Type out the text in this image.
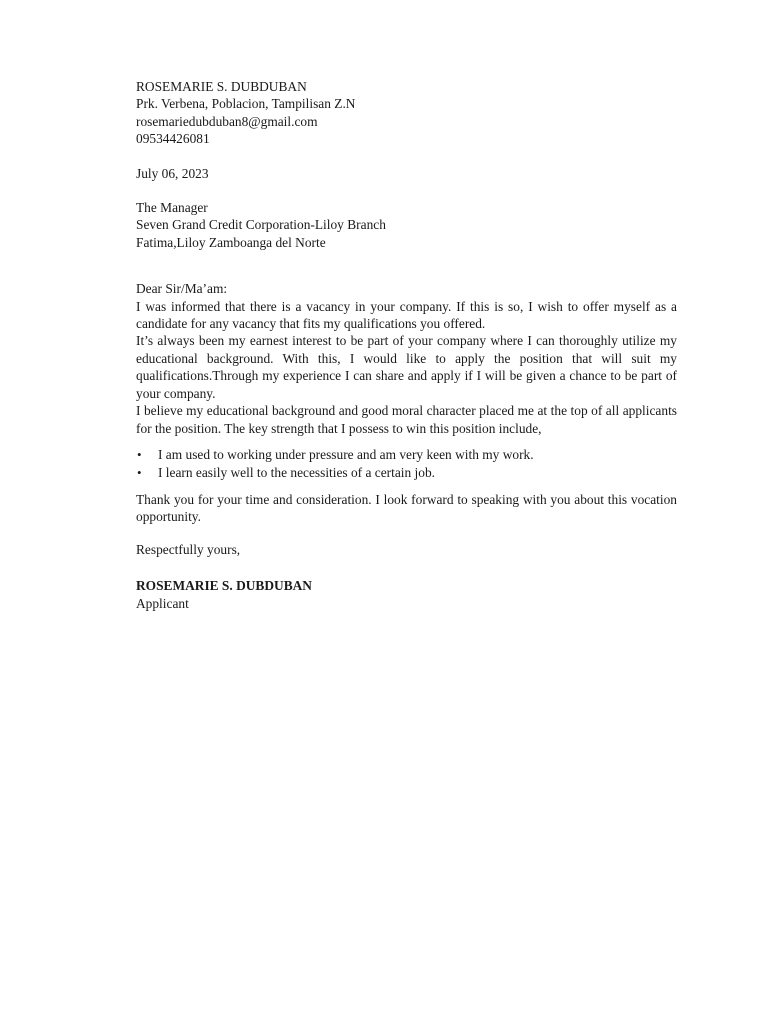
ROSEMARIE S. DUBDUBAN
Prk. Verbena, Poblacion, Tampilisan Z.N
rosemariedubduban8@gmail.com
09534426081
July 06, 2023
The Manager
Seven Grand Credit Corporation-Liloy Branch
Fatima,Liloy Zamboanga del Norte
Dear Sir/Ma’am:

I was informed that there is a vacancy in your company. If this is so, I wish to offer myself as a candidate for any vacancy that fits my qualifications you offered.

It’s always been my earnest interest to be part of your company where I can thoroughly utilize my educational background. With this, I would like to apply the position that will suit my qualifications.Through my experience I can share and apply if I will be given a chance to be part of your company.

I believe my educational background and good moral character placed me at the top of all applicants for the position. The key strength that I possess to win this position include,

• I am used to working under pressure and am very keen with my work.
• I learn easily well to the necessities of a certain job.

Thank you for your time and consideration. I look forward to speaking with you about this vocation opportunity.

Respectfully yours,
ROSEMARIE S. DUBDUBAN
Applicant
